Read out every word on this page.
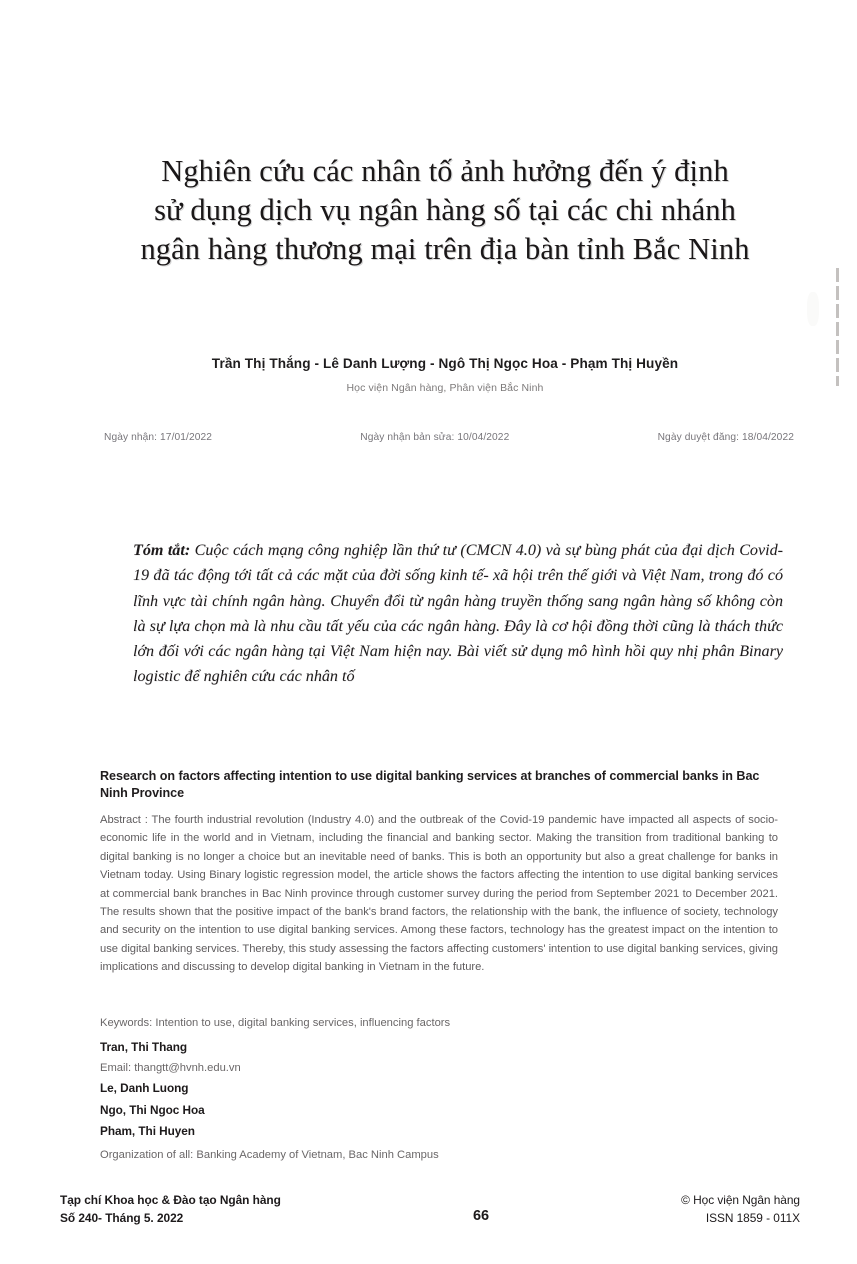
Nghiên cứu các nhân tố ảnh hưởng đến ý định
sử dụng dịch vụ ngân hàng số tại các chi nhánh
ngân hàng thương mại trên địa bàn tỉnh Bắc Ninh
Trần Thị Thắng - Lê Danh Lượng - Ngô Thị Ngọc Hoa - Phạm Thị Huyền
Học viện Ngân hàng, Phân viện Bắc Ninh
Ngày nhận: 17/01/2022	Ngày nhận bản sửa: 10/04/2022	Ngày duyệt đăng: 18/04/2022
Tóm tắt: Cuộc cách mạng công nghiệp lần thứ tư (CMCN 4.0) và sự bùng phát của đại dịch Covid- 19 đã tác động tới tất cả các mặt của đời sống kinh tế- xã hội trên thế giới và Việt Nam, trong đó có lĩnh vực tài chính ngân hàng. Chuyển đổi từ ngân hàng truyền thống sang ngân hàng số không còn là sự lựa chọn mà là nhu cầu tất yếu của các ngân hàng. Đây là cơ hội đồng thời cũng là thách thức lớn đối với các ngân hàng tại Việt Nam hiện nay. Bài viết sử dụng mô hình hồi quy nhị phân Binary logistic để nghiên cứu các nhân tố
Research on factors affecting intention to use digital banking services at branches of commercial banks in Bac Ninh Province
Abstract : The fourth industrial revolution (Industry 4.0) and the outbreak of the Covid-19 pandemic have impacted all aspects of socio-economic life in the world and in Vietnam, including the financial and banking sector. Making the transition from traditional banking to digital banking is no longer a choice but an inevitable need of banks. This is both an opportunity but also a great challenge for banks in Vietnam today. Using Binary logistic regression model, the article shows the factors affecting the intention to use digital banking services at commercial bank branches in Bac Ninh province through customer survey during the period from September 2021 to December 2021. The results shown that the positive impact of the bank's brand factors, the relationship with the bank, the influence of society, technology and security on the intention to use digital banking services. Among these factors, technology has the greatest impact on the intention to use digital banking services. Thereby, this study assessing the factors affecting customers' intention to use digital banking services, giving implications and discussing to develop digital banking in Vietnam in the future.
Keywords: Intention to use, digital banking services, influencing factors
Tran, Thi Thang
Email: thangtt@hvnh.edu.vn
Le, Danh Luong
Ngo, Thi Ngoc Hoa
Pham, Thi Huyen
Organization of all: Banking Academy of Vietnam, Bac Ninh Campus
Tạp chí Khoa học & Đào tạo Ngân hàng
Số 240- Tháng 5. 2022	66
© Học viện Ngân hàng
ISSN 1859 - 011X
